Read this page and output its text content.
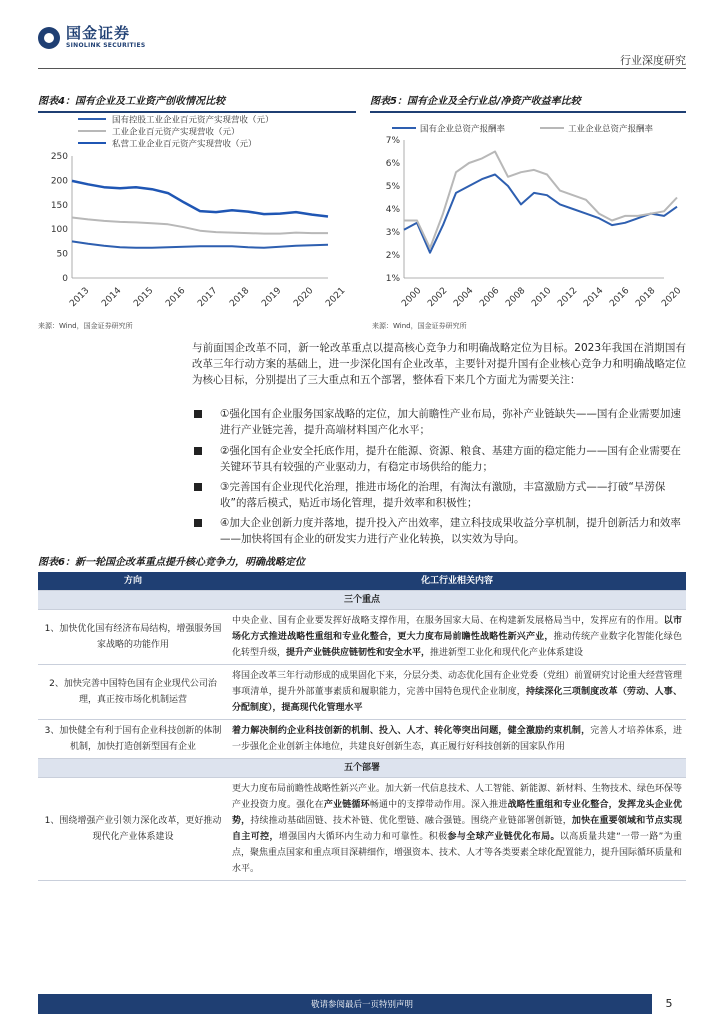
国金证券
SINOLINK SECURITIES
行业深度研究
图表4：国有企业及工业资产创收情况比较
0
50
100
150
200
250
2013 2014 2015 2016 2017 2018 2019 2020 2021
国有控股工业企业百元资产实现营收（元）
工业企业百元资产实现营收（元）
私营工业企业百元资产实现营收（元）
来源：Wind，国金证券研究所
图表5：国有企业及全行业总/净资产收益率比较
1%
2%
3%
4%
5%
6%
7%
2000 2002 2004 2006 2008 2010 2012 2014 2016 2018 2020
国有企业总资产报酬率	工业企业总资产报酬率
来源：Wind，国金证券研究所
与前面国企改革不同，新一轮改革重点以提高核心竞争力和明确战略定位为目标。2023年我国在消期国有改革三年行动方案的基础上，进一步深化国有企业改革，主要针对提升国有企业核心竞争力和明确战略定位为核心目标，分别提出了三大重点和五个部署，整体看下来几个方面尤为需要关注：
①强化国有企业服务国家战略的定位，加大前瞻性产业布局，弥补产业链缺失——国有企业需要加速进行产业链完善，提升高端材料国产化水平；
②强化国有企业安全托底作用，提升在能源、资源、粮食、基建方面的稳定能力——国有企业需要在关键环节具有较强的产业驱动力，有稳定市场供给的能力；
③完善国有企业现代化治理，推进市场化的治理，有淘汰有激励，丰富激励方式——打破“旱涝保收”的落后模式，贴近市场化管理，提升效率和积极性；
④加大企业创新力度并落地，提升投入产出效率，建立科技成果收益分享机制，提升创新活力和效率——加快将国有企业的研发实力进行产业化转换，以实效为导向。
图表6：新一轮国企改革重点提升核心竞争力，明确战略定位
方向	化工行业相关内容
三个重点	
1、加快优化国有经济布局结构，增强服务国家战略的功能作用	中央企业、国有企业要发挥好战略支撑作用，在服务国家大局、在构建新发展格局当中，发挥应有的作用。以市场化方式推进战略性重组和专业化整合，更大力度布局前瞻性战略性新兴产业，推动传统产业数字化智能化绿色化转型升级，提升产业链供应链韧性和安全水平，推进新型工业化和现代化产业体系建设
2、加快完善中国特色国有企业现代公司治理，真正按市场化机制运营	将国企改革三年行动形成的成果固化下来，分层分类、动态优化国有企业党委（党组）前置研究讨论重大经营管理事项清单，提升外部董事素质和履职能力，完善中国特色现代企业制度，持续深化三项制度改革（劳动、人事、分配制度），提高现代化管理水平
3、加快健全有利于国有企业科技创新的体制机制，加快打造创新型国有企业	着力解决制约企业科技创新的机制、投入、人才、转化等突出问题，健全激励约束机制，完善人才培养体系，进一步强化企业创新主体地位，共建良好创新生态，真正履行好科技创新的国家队作用
五个部署	
1、围绕增强产业引领力深化改革，更好推动现代化产业体系建设	更大力度布局前瞻性战略性新兴产业。加大新一代信息技术、人工智能、新能源、新材料、生物技术、绿色环保等产业投资力度。强化在产业链循环畅通中的支撑带动作用。深入推进战略性重组和专业化整合，发挥龙头企业优势，持续推动基础固链、技术补链、优化塑链、融合强链。围绕产业链部署创新链，加快在重要领域和节点实现自主可控，增强国内大循环内生动力和可靠性。积极参与全球产业链优化布局。以高质量共建“一带一路”为重点，聚焦重点国家和重点项目深耕细作，增强资本、技术、人才等各类要素全球化配置能力，提升国际循环质量和水平。
敬请参阅最后一页特别声明	5
